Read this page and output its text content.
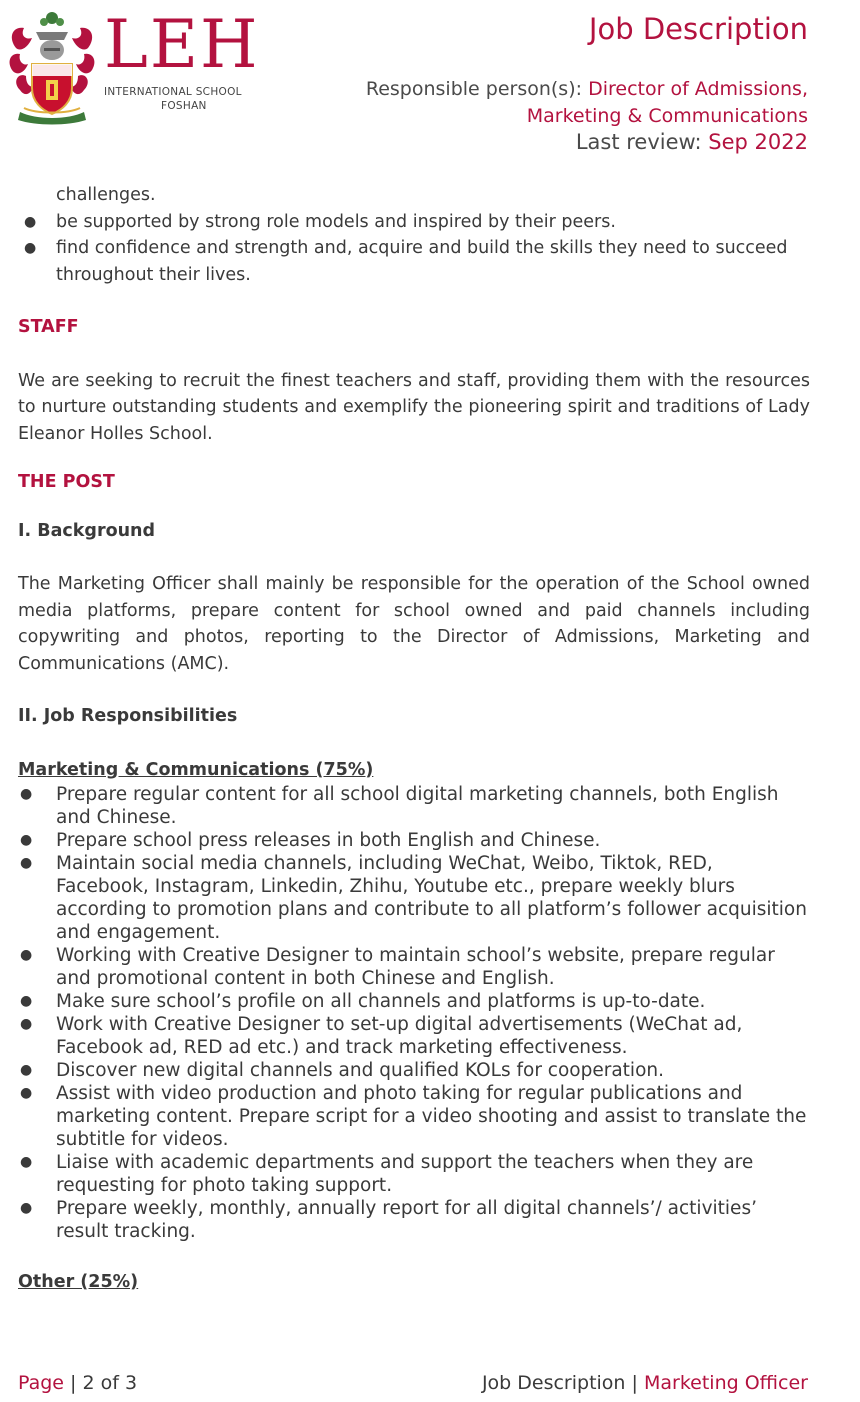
LEH
INTERNATIONAL SCHOOL
FOSHAN
Job Description
Responsible person(s): Director of Admissions, Marketing & Communications
Last review: Sep 2022
challenges.
● be supported by strong role models and inspired by their peers.
● find confidence and strength and, acquire and build the skills they need to succeed throughout their lives.
STAFF
We are seeking to recruit the finest teachers and staff, providing them with the resources to nurture outstanding students and exemplify the pioneering spirit and traditions of Lady Eleanor Holles School.
THE POST
I. Background
The Marketing Officer shall mainly be responsible for the operation of the School owned media platforms, prepare content for school owned and paid channels including copywriting and photos, reporting to the Director of Admissions, Marketing and Communications (AMC).
II. Job Responsibilities
Marketing & Communications (75%)
● Prepare regular content for all school digital marketing channels, both English and Chinese.
● Prepare school press releases in both English and Chinese.
● Maintain social media channels, including WeChat, Weibo, Tiktok, RED, Facebook, Instagram, Linkedin, Zhihu, Youtube etc., prepare weekly blurs according to promotion plans and contribute to all platform’s follower acquisition and engagement.
● Working with Creative Designer to maintain school’s website, prepare regular and promotional content in both Chinese and English.
● Make sure school’s profile on all channels and platforms is up-to-date.
● Work with Creative Designer to set-up digital advertisements (WeChat ad, Facebook ad, RED ad etc.) and track marketing effectiveness.
● Discover new digital channels and qualified KOLs for cooperation.
● Assist with video production and photo taking for regular publications and marketing content. Prepare script for a video shooting and assist to translate the subtitle for videos.
● Liaise with academic departments and support the teachers when they are requesting for photo taking support.
● Prepare weekly, monthly, annually report for all digital channels’/ activities’ result tracking.
Other (25%)
Page | 2 of 3	Job Description | Marketing Officer
